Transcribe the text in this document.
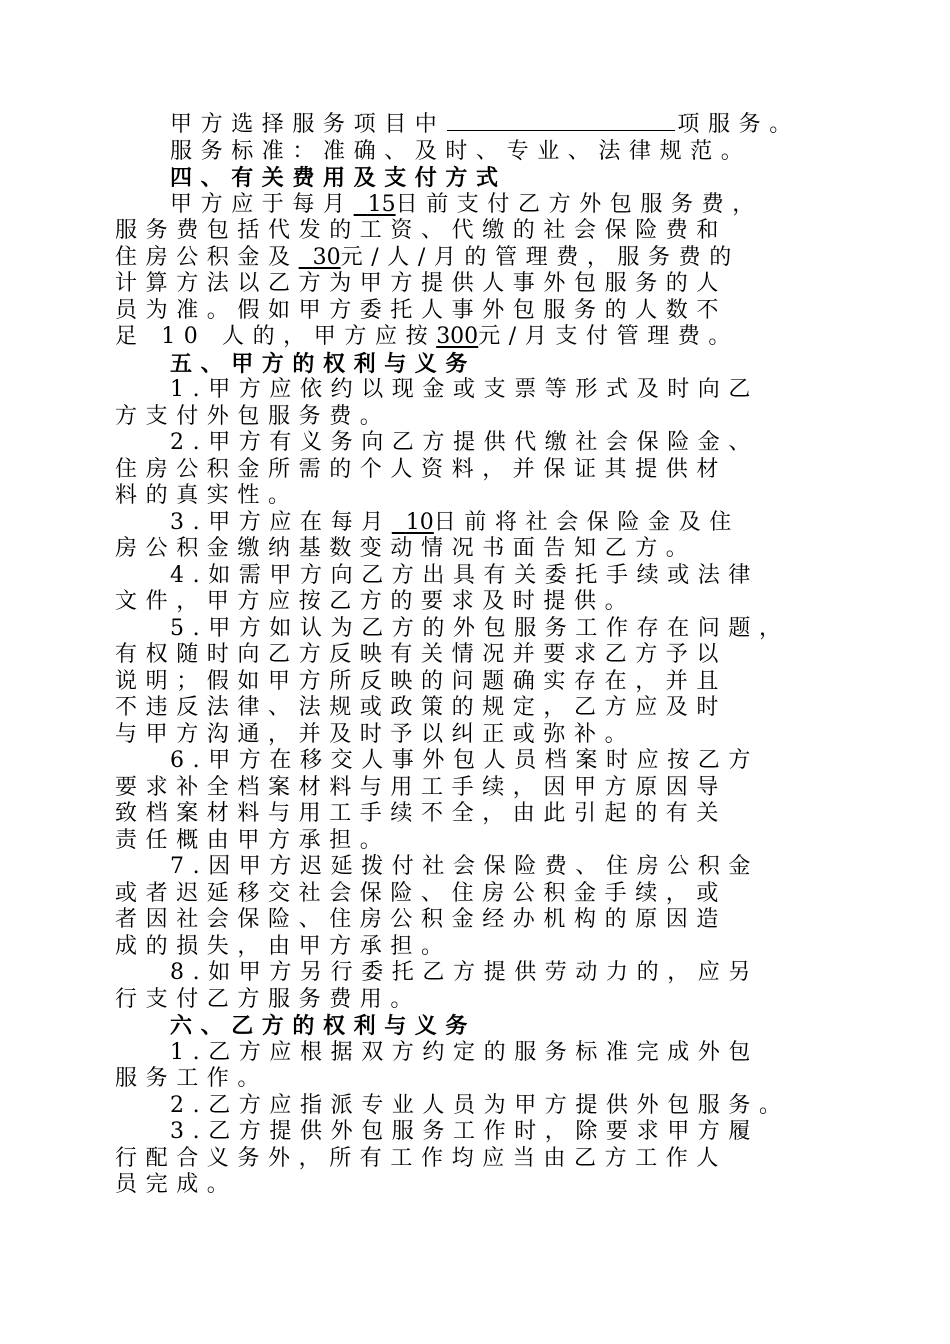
甲方选择服务项目中	项服务。
服务标准：准确、及时、专业、法律规范。
四、有关费用及支付方式
甲方应于每月 15日前支付乙方外包服务费，
服务费包括代发的工资、代缴的社会保险费和
住房公积金及 30元/人/月的管理费，服务费的
计算方法以乙方为甲方提供人事外包服务的人
员为准。假如甲方委托人事外包服务的人数不
足 10 人的，甲方应按300元/月支付管理费。
五、甲方的权利与义务
1.甲方应依约以现金或支票等形式及时向乙
方支付外包服务费。
2.甲方有义务向乙方提供代缴社会保险金、
住房公积金所需的个人资料，并保证其提供材
料的真实性。
3.甲方应在每月 10日前将社会保险金及住
房公积金缴纳基数变动情况书面告知乙方。
4.如需甲方向乙方出具有关委托手续或法律
文件，甲方应按乙方的要求及时提供。
5.甲方如认为乙方的外包服务工作存在问题，
有权随时向乙方反映有关情况并要求乙方予以
说明；假如甲方所反映的问题确实存在，并且
不违反法律、法规或政策的规定，乙方应及时
与甲方沟通，并及时予以纠正或弥补。
6.甲方在移交人事外包人员档案时应按乙方
要求补全档案材料与用工手续，因甲方原因导
致档案材料与用工手续不全，由此引起的有关
责任概由甲方承担。
7.因甲方迟延拨付社会保险费、住房公积金
或者迟延移交社会保险、住房公积金手续，或
者因社会保险、住房公积金经办机构的原因造
成的损失，由甲方承担。
8.如甲方另行委托乙方提供劳动力的，应另
行支付乙方服务费用。
六、乙方的权利与义务
1.乙方应根据双方约定的服务标准完成外包
服务工作。
2.乙方应指派专业人员为甲方提供外包服务。
3.乙方提供外包服务工作时，除要求甲方履
行配合义务外，所有工作均应当由乙方工作人
员完成。
